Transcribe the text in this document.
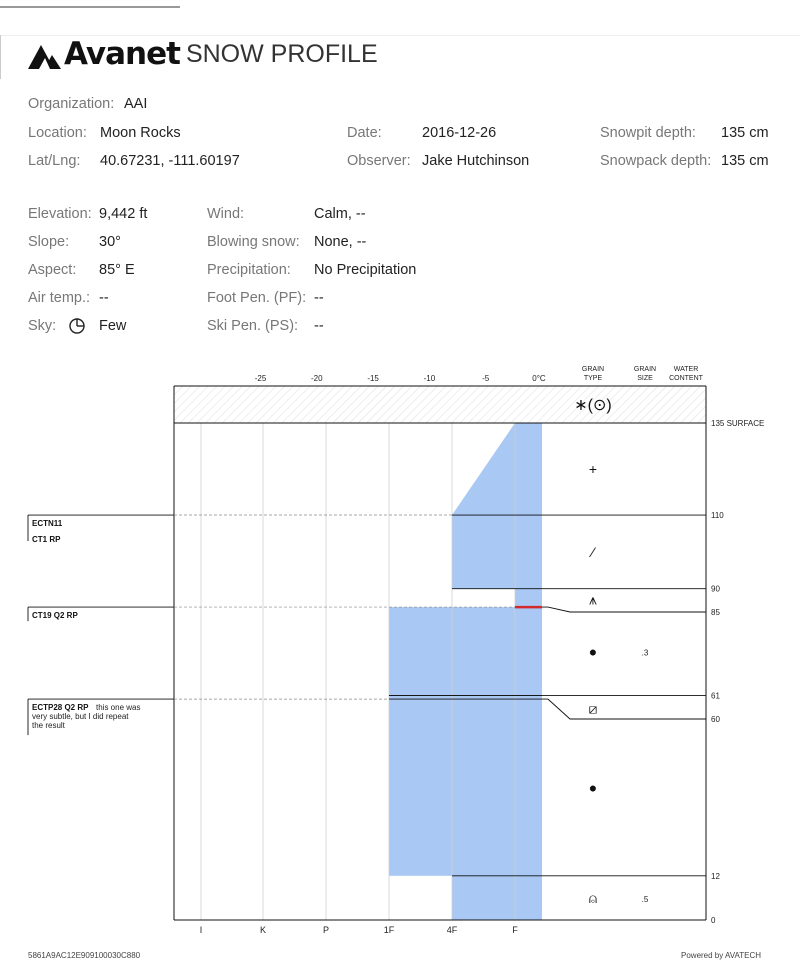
Avanet SNOW PROFILE
Organization: AAI
Location: Moon Rocks
Lat/Lng: 40.67231, -111.60197
Date:	2016-12-26
Observer: Jake Hutchinson
Snowpit depth: 135 cm
Snowpack depth: 135 cm
Elevation: 9,442 ft
Slope: 30°
Aspect: 85° E
Air temp.: --
Sky:	Few
Wind:	Calm, --
Blowing snow: None, --
Precipitation: No Precipitation
Foot Pen. (PF): --
Ski Pen. (PS): --
-25	-20	-15	-10	-5	0°C
GRAIN
TYPE
GRAIN
SIZE
WATER
CONTENT
∗(⊙)
135 SURFACE
110
90
85
61
60
12
0
+
⁄
⩚
●	.3
⧄
●
⍝	.5
I	K	P	1F	4F	F
ECTN11
CT1 RP
CT19 Q2 RP
ECTP28 Q2 RP this one was
very subtle, but I did repeat
the result
5861A9AC12E909100030C880	Powered by AVATECH
